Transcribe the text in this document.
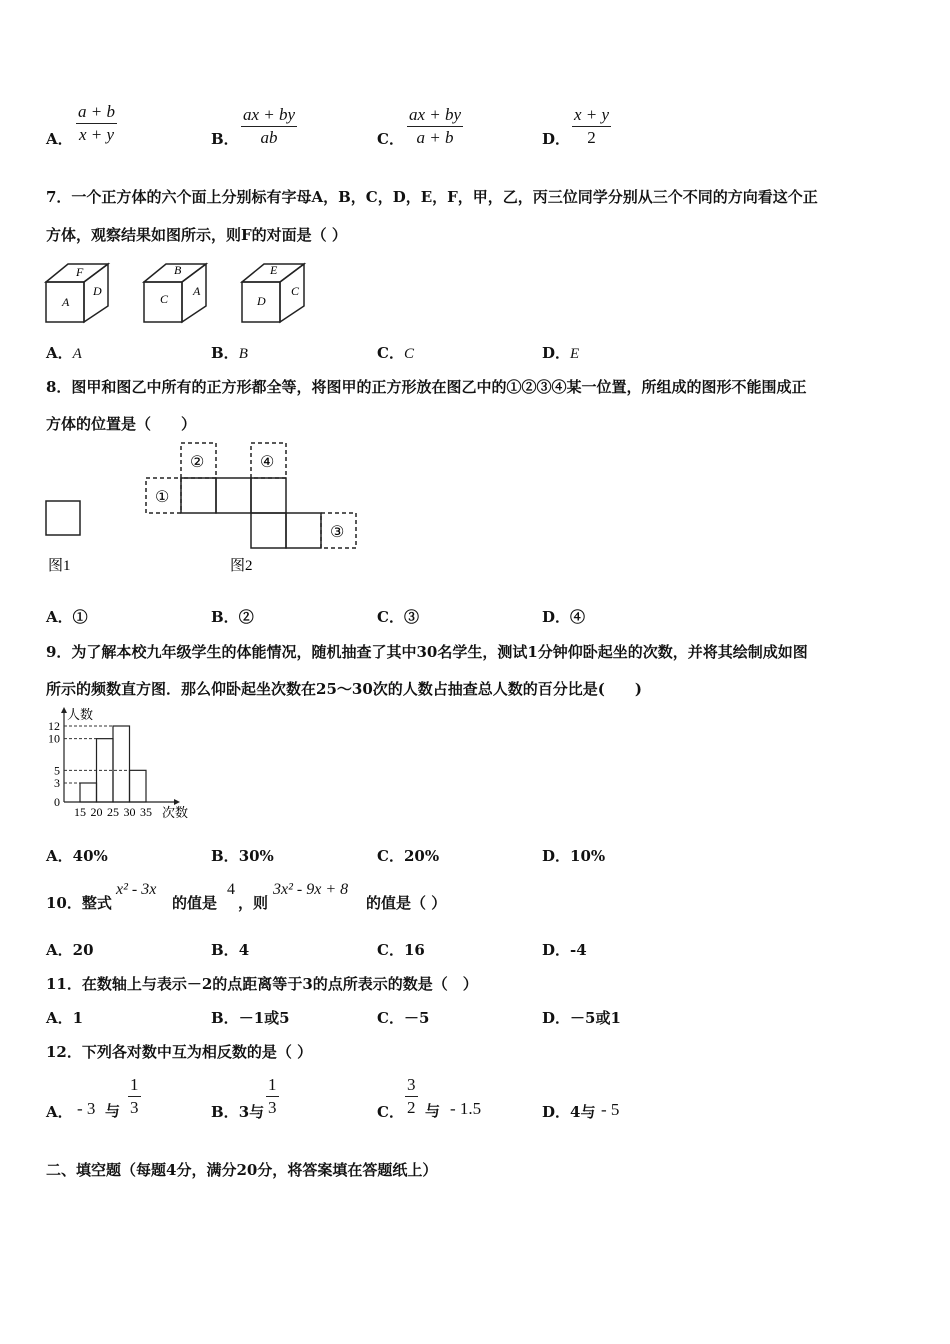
A． $\frac{a + b}{x + y}$	B． $\frac{ax + by}{ab}$	C． $\frac{ax + by}{a + b}$	D． $\frac{x + y}{2}$
7．一个正方体的六个面上分别标有字母A，B，C，D，E，F，甲，乙，丙三位同学分别从三个不同的方向看这个正
方体，观察结果如图所示，则F的对面是（ ）
F
A
D
B
C
A
E
D
C
A．A	B．B	C．C	D．E
8．图甲和图乙中所有的正方形都全等，将图甲的正方形放在图乙中的①②③④某一位置，所组成的图形不能围成正
方体的位置是（　　）
图1
①
②
③
④
图2
A．①	B．②	C．③	D．④
9．为了解本校九年级学生的体能情况，随机抽查了其中30名学生，测试1分钟仰卧起坐的次数，并将其绘制成如图
所示的频数直方图．那么仰卧起坐次数在25～30次的人数占抽查总人数的百分比是(　　)
人数
次数
0
3
5
10
12
15 20 25 30 35
A．40%	B．30%	C．20%	D．10%
10．整式
x² - 3x
的值是
4
，则
3x² - 9x + 8
的值是（ ）
A．20	B．4	C．16	D．-4
11．在数轴上与表示－2的点距离等于3的点所表示的数是（　）
A．1	B．－1或5	C．－5	D．－5或1
12．下列各对数中互为相反数的是（ ）
A． - 3 与 $\frac{1}{3}$	B．3与 $\frac{1}{3}$	C． $\frac{3}{2}$ 与 - 1.5	D．4与 - 5
二、填空题（每题4分，满分20分，将答案填在答题纸上）
